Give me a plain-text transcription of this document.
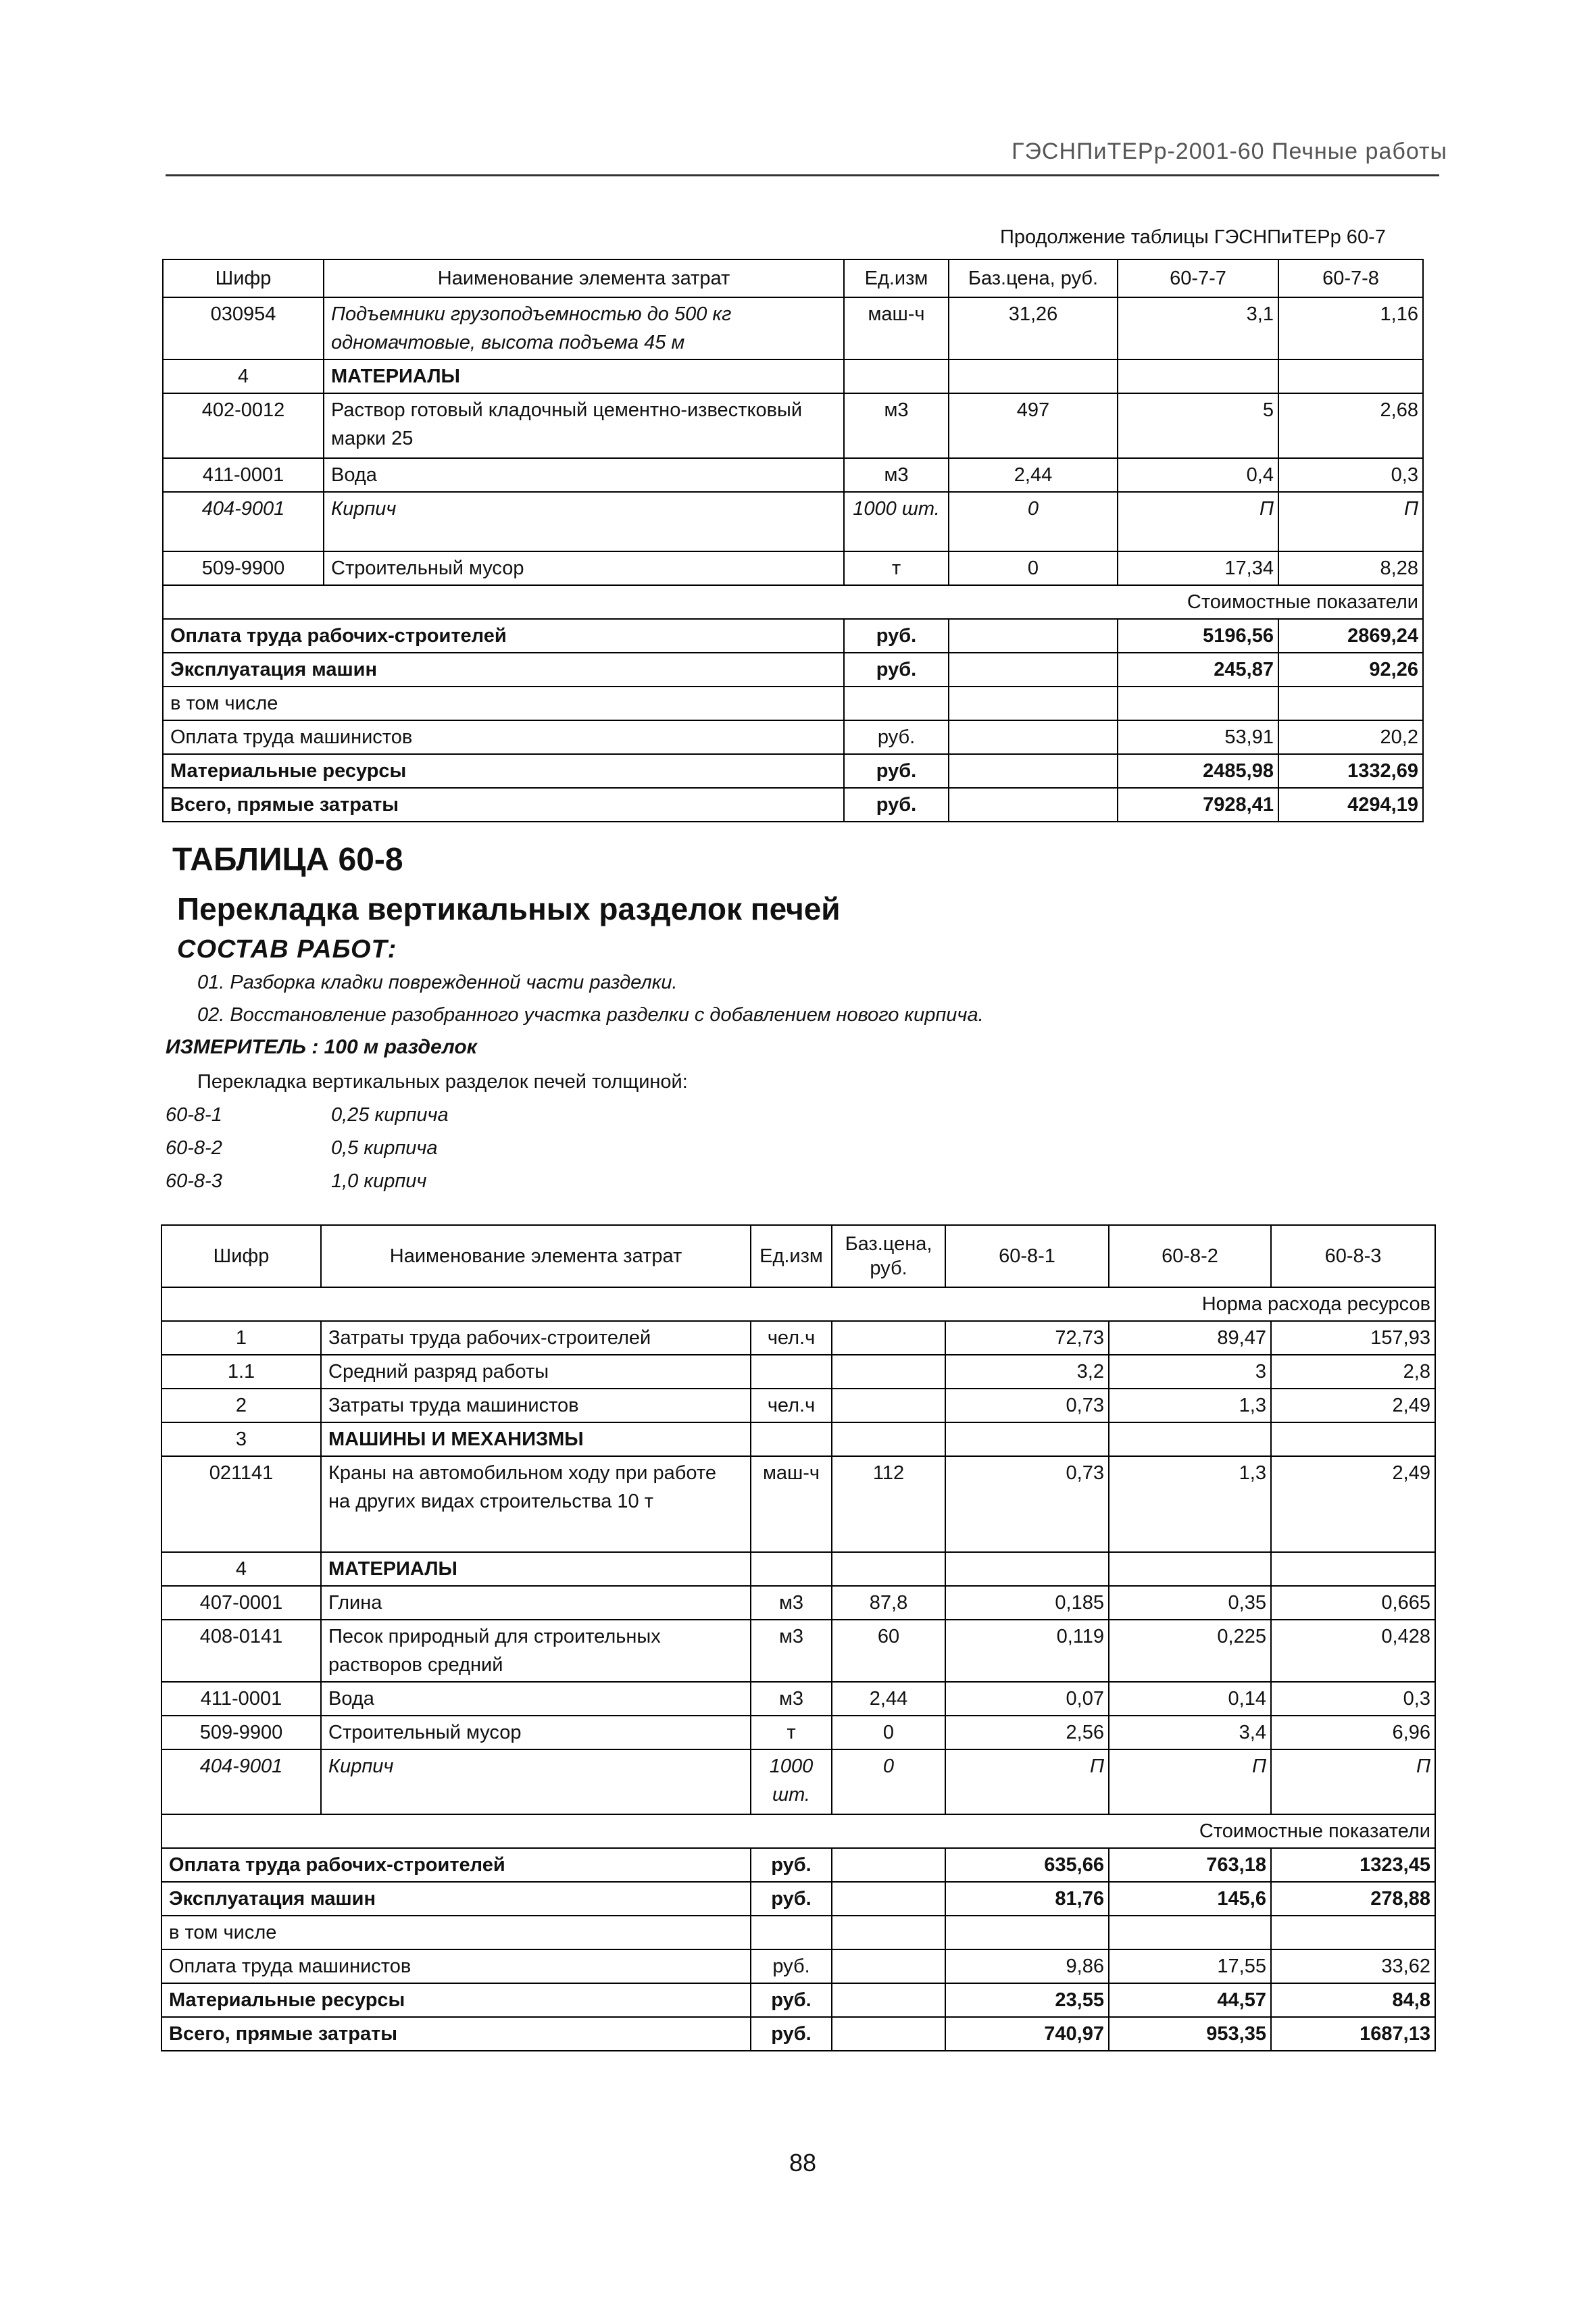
ГЭСНПиТЕРр-2001-60 Печные работы
Продолжение таблицы ГЭСНПиТЕРр 60-7
Шифр	Наименование элемента затрат	Ед.изм	Баз.цена, руб.	60-7-7	60-7-8
030954	Подъемники грузоподъемностью до 500 кг одномачтовые, высота подъема 45 м	маш-ч	31,26	3,1	1,16
4	МАТЕРИАЛЫ				
402-0012	Раствор готовый кладочный цементно-известковый марки 25	м3	497	5	2,68
411-0001	Вода	м3	2,44	0,4	0,3
404-9001	Кирпич	1000 шт.	0	П	П
509-9900	Строительный мусор	т	0	17,34	8,28
Стоимостные показатели					
Оплата труда рабочих-строителей		руб.		5196,56	2869,24
Эксплуатация машин		руб.		245,87	92,26
в том числе					
Оплата труда машинистов		руб.		53,91	20,2
Материальные ресурсы		руб.		2485,98	1332,69
Всего, прямые затраты		руб.		7928,41	4294,19
ТАБЛИЦА 60-8
Перекладка вертикальных разделок печей
СОСТАВ РАБОТ:
01. Разборка кладки поврежденной части разделки.
02. Восстановление разобранного участка разделки с добавлением нового кирпича.
ИЗМЕРИТЕЛЬ : 100 м разделок
Перекладка вертикальных разделок печей толщиной:
60-8-1	0,25 кирпича
60-8-2	0,5 кирпича
60-8-3	1,0 кирпич
Шифр	Наименование элемента затрат	Ед.изм	Баз.цена, руб.	60-8-1	60-8-2	60-8-3
Норма расхода ресурсов						
1	Затраты труда рабочих-строителей	чел.ч		72,73	89,47	157,93
1.1	Средний разряд работы			3,2	3	2,8
2	Затраты труда машинистов	чел.ч		0,73	1,3	2,49
3	МАШИНЫ И МЕХАНИЗМЫ					
021141	Краны на автомобильном ходу при работе на других видах строительства 10 т	маш-ч	112	0,73	1,3	2,49
4	МАТЕРИАЛЫ					
407-0001	Глина	м3	87,8	0,185	0,35	0,665
408-0141	Песок природный для строительных растворов средний	м3	60	0,119	0,225	0,428
411-0001	Вода	м3	2,44	0,07	0,14	0,3
509-9900	Строительный мусор	т	0	2,56	3,4	6,96
404-9001	Кирпич	1000 шт.	0	П	П	П
Стоимостные показатели						
Оплата труда рабочих-строителей		руб.		635,66	763,18	1323,45
Эксплуатация машин		руб.		81,76	145,6	278,88
в том числе						
Оплата труда машинистов		руб.		9,86	17,55	33,62
Материальные ресурсы		руб.		23,55	44,57	84,8
Всего, прямые затраты		руб.		740,97	953,35	1687,13
88
